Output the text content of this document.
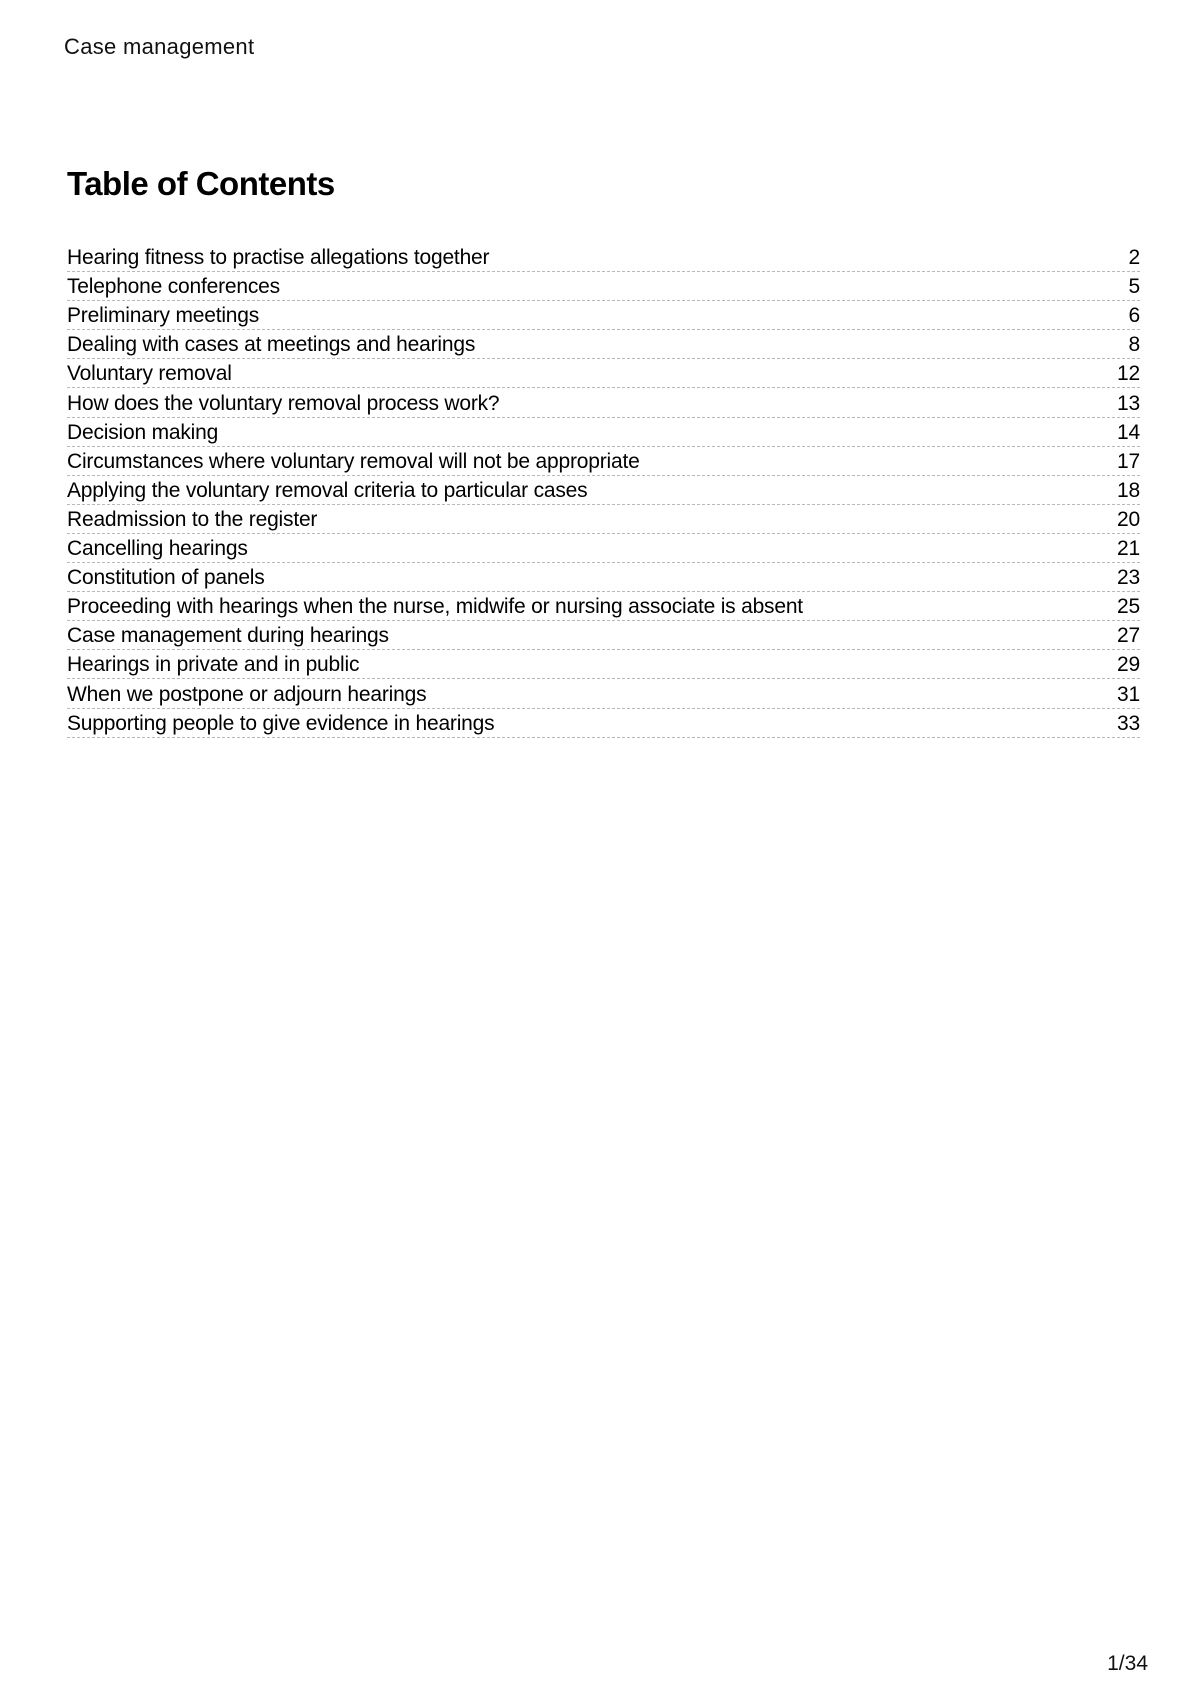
Case management
Table of Contents
Hearing fitness to practise allegations together	2
Telephone conferences	5
Preliminary meetings	6
Dealing with cases at meetings and hearings	8
Voluntary removal	12
How does the voluntary removal process work?	13
Decision making	14
Circumstances where voluntary removal will not be appropriate	17
Applying the voluntary removal criteria to particular cases	18
Readmission to the register	20
Cancelling hearings	21
Constitution of panels	23
Proceeding with hearings when the nurse, midwife or nursing associate is absent	25
Case management during hearings	27
Hearings in private and in public	29
When we postpone or adjourn hearings	31
Supporting people to give evidence in hearings	33
1/34
